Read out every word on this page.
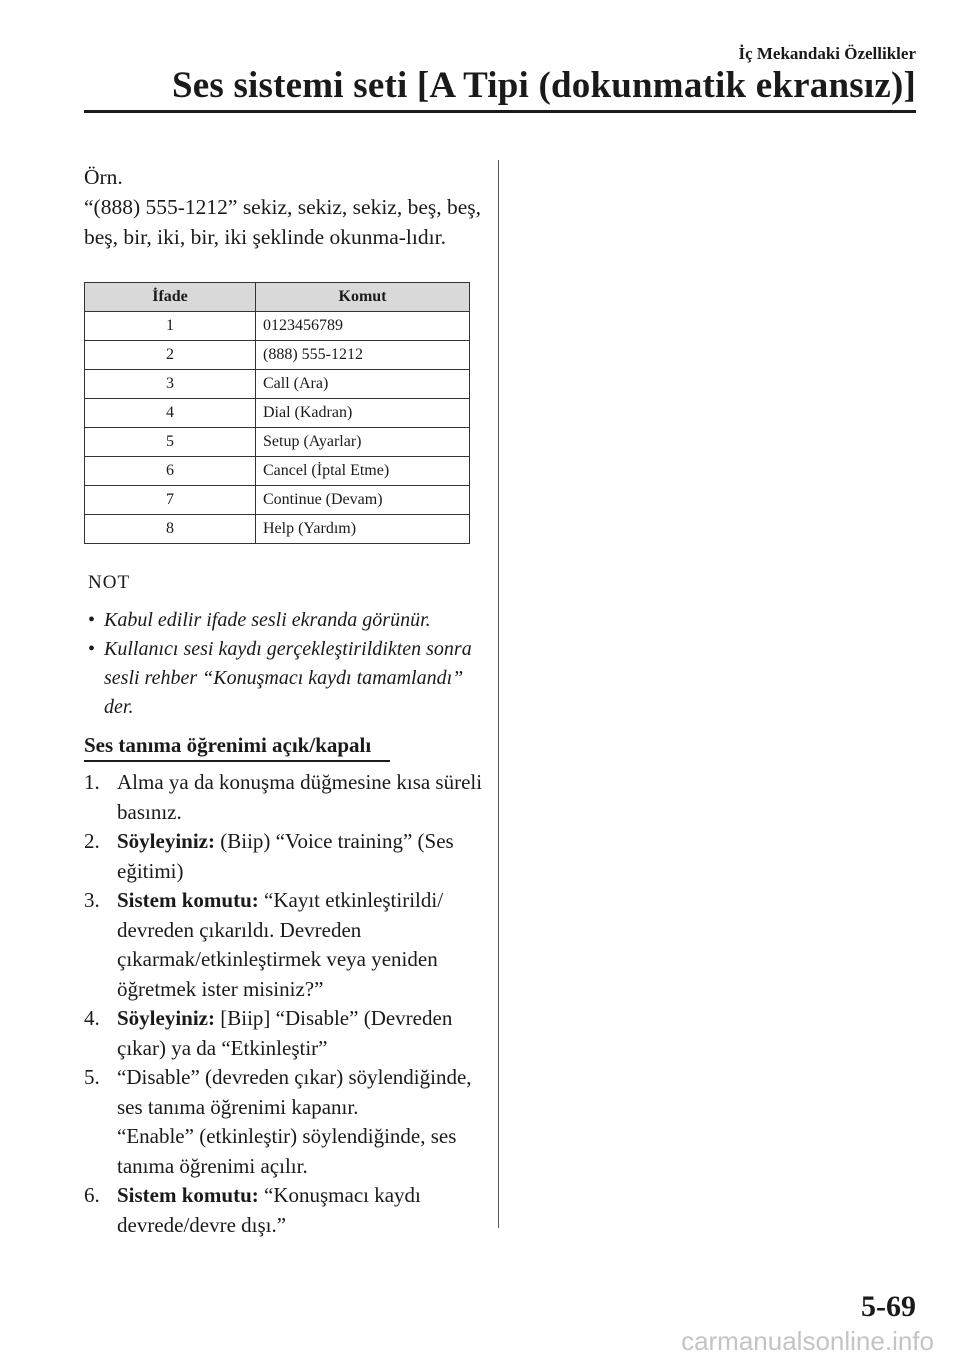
İç Mekandaki Özellikler
Ses sistemi seti [A Tipi (dokunmatik ekransız)]

Örn.

“(888) 555-1212” sekiz, sekiz, sekiz, beş, beş, beş, bir, iki, bir, iki şeklinde okunma-lıdır.

İfade	Komut
1	0123456789
2	(888) 555-1212
3	Call (Ara)
4	Dial (Kadran)
5	Setup (Ayarlar)
6	Cancel (İptal Etme)
7	Continue (Devam)
8	Help (Yardım)
NOT
• Kabul edilir ifade sesli ekranda görünür.
• Kullanıcı sesi kaydı gerçekleştirildikten sonra sesli rehber “Konuşmacı kaydı tamamlandı” der.
Ses tanıma öğrenimi açık/kapalı
1. Alma ya da konuşma düğmesine kısa süreli basınız.
2. Söyleyiniz: (Biip) “Voice training” (Ses eğitimi)
3. Sistem komutu: “Kayıt etkinleştirildi/ devreden çıkarıldı. Devreden çıkarmak/etkinleştirmek veya yeniden öğretmek ister misiniz?”
4. Söyleyiniz: [Biip] “Disable” (Devreden çıkar) ya da “Etkinleştir”
5. “Disable” (devreden çıkar) söylendiğinde, ses tanıma öğrenimi kapanır.
“Enable” (etkinleştir) söylendiğinde, ses tanıma öğrenimi açılır.
6. Sistem komutu: “Konuşmacı kaydı devrede/devre dışı.”
5-69
carmanualsonline.info
